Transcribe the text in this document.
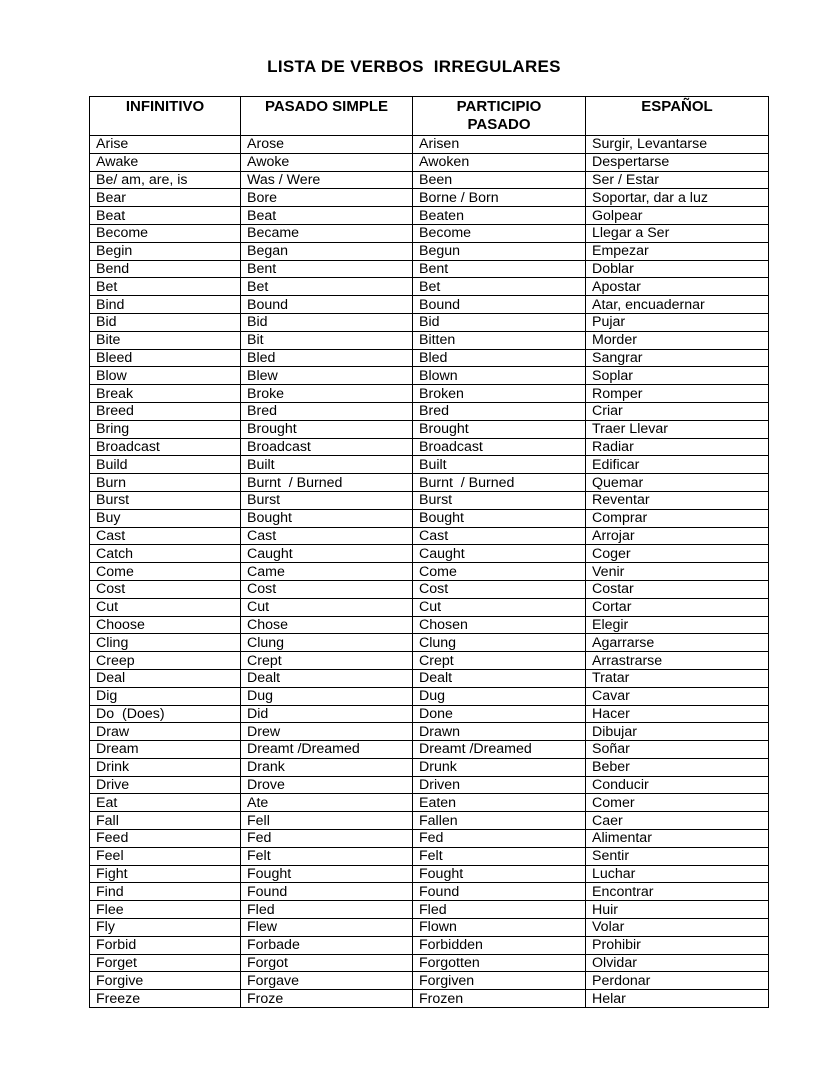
LISTA DE VERBOS  IRREGULARES
INFINITIVO	PASADO SIMPLE	PARTICIPIO PASADO	ESPAÑOL
Arise	Arose	Arisen	Surgir, Levantarse
Awake	Awoke	Awoken	Despertarse
Be/ am, are, is	Was / Were	Been	Ser / Estar
Bear	Bore	Borne / Born	Soportar, dar a luz
Beat	Beat	Beaten	Golpear
Become	Became	Become	Llegar a Ser
Begin	Began	Begun	Empezar
Bend	Bent	Bent	Doblar
Bet	Bet	Bet	Apostar
Bind	Bound	Bound	Atar, encuadernar
Bid	Bid	Bid	Pujar
Bite	Bit	Bitten	Morder
Bleed	Bled	Bled	Sangrar
Blow	Blew	Blown	Soplar
Break	Broke	Broken	Romper
Breed	Bred	Bred	Criar
Bring	Brought	Brought	Traer Llevar
Broadcast	Broadcast	Broadcast	Radiar
Build	Built	Built	Edificar
Burn	Burnt  / Burned	Burnt  / Burned	Quemar
Burst	Burst	Burst	Reventar
Buy	Bought	Bought	Comprar
Cast	Cast	Cast	Arrojar
Catch	Caught	Caught	Coger
Come	Came	Come	Venir
Cost	Cost	Cost	Costar
Cut	Cut	Cut	Cortar
Choose	Chose	Chosen	Elegir
Cling	Clung	Clung	Agarrarse
Creep	Crept	Crept	Arrastrarse
Deal	Dealt	Dealt	Tratar
Dig	Dug	Dug	Cavar
Do  (Does)	Did	Done	Hacer
Draw	Drew	Drawn	Dibujar
Dream	Dreamt /Dreamed	Dreamt /Dreamed	Soñar
Drink	Drank	Drunk	Beber
Drive	Drove	Driven	Conducir
Eat	Ate	Eaten	Comer
Fall	Fell	Fallen	Caer
Feed	Fed	Fed	Alimentar
Feel	Felt	Felt	Sentir
Fight	Fought	Fought	Luchar
Find	Found	Found	Encontrar
Flee	Fled	Fled	Huir
Fly	Flew	Flown	Volar
Forbid	Forbade	Forbidden	Prohibir
Forget	Forgot	Forgotten	Olvidar
Forgive	Forgave	Forgiven	Perdonar
Freeze	Froze	Frozen	Helar
